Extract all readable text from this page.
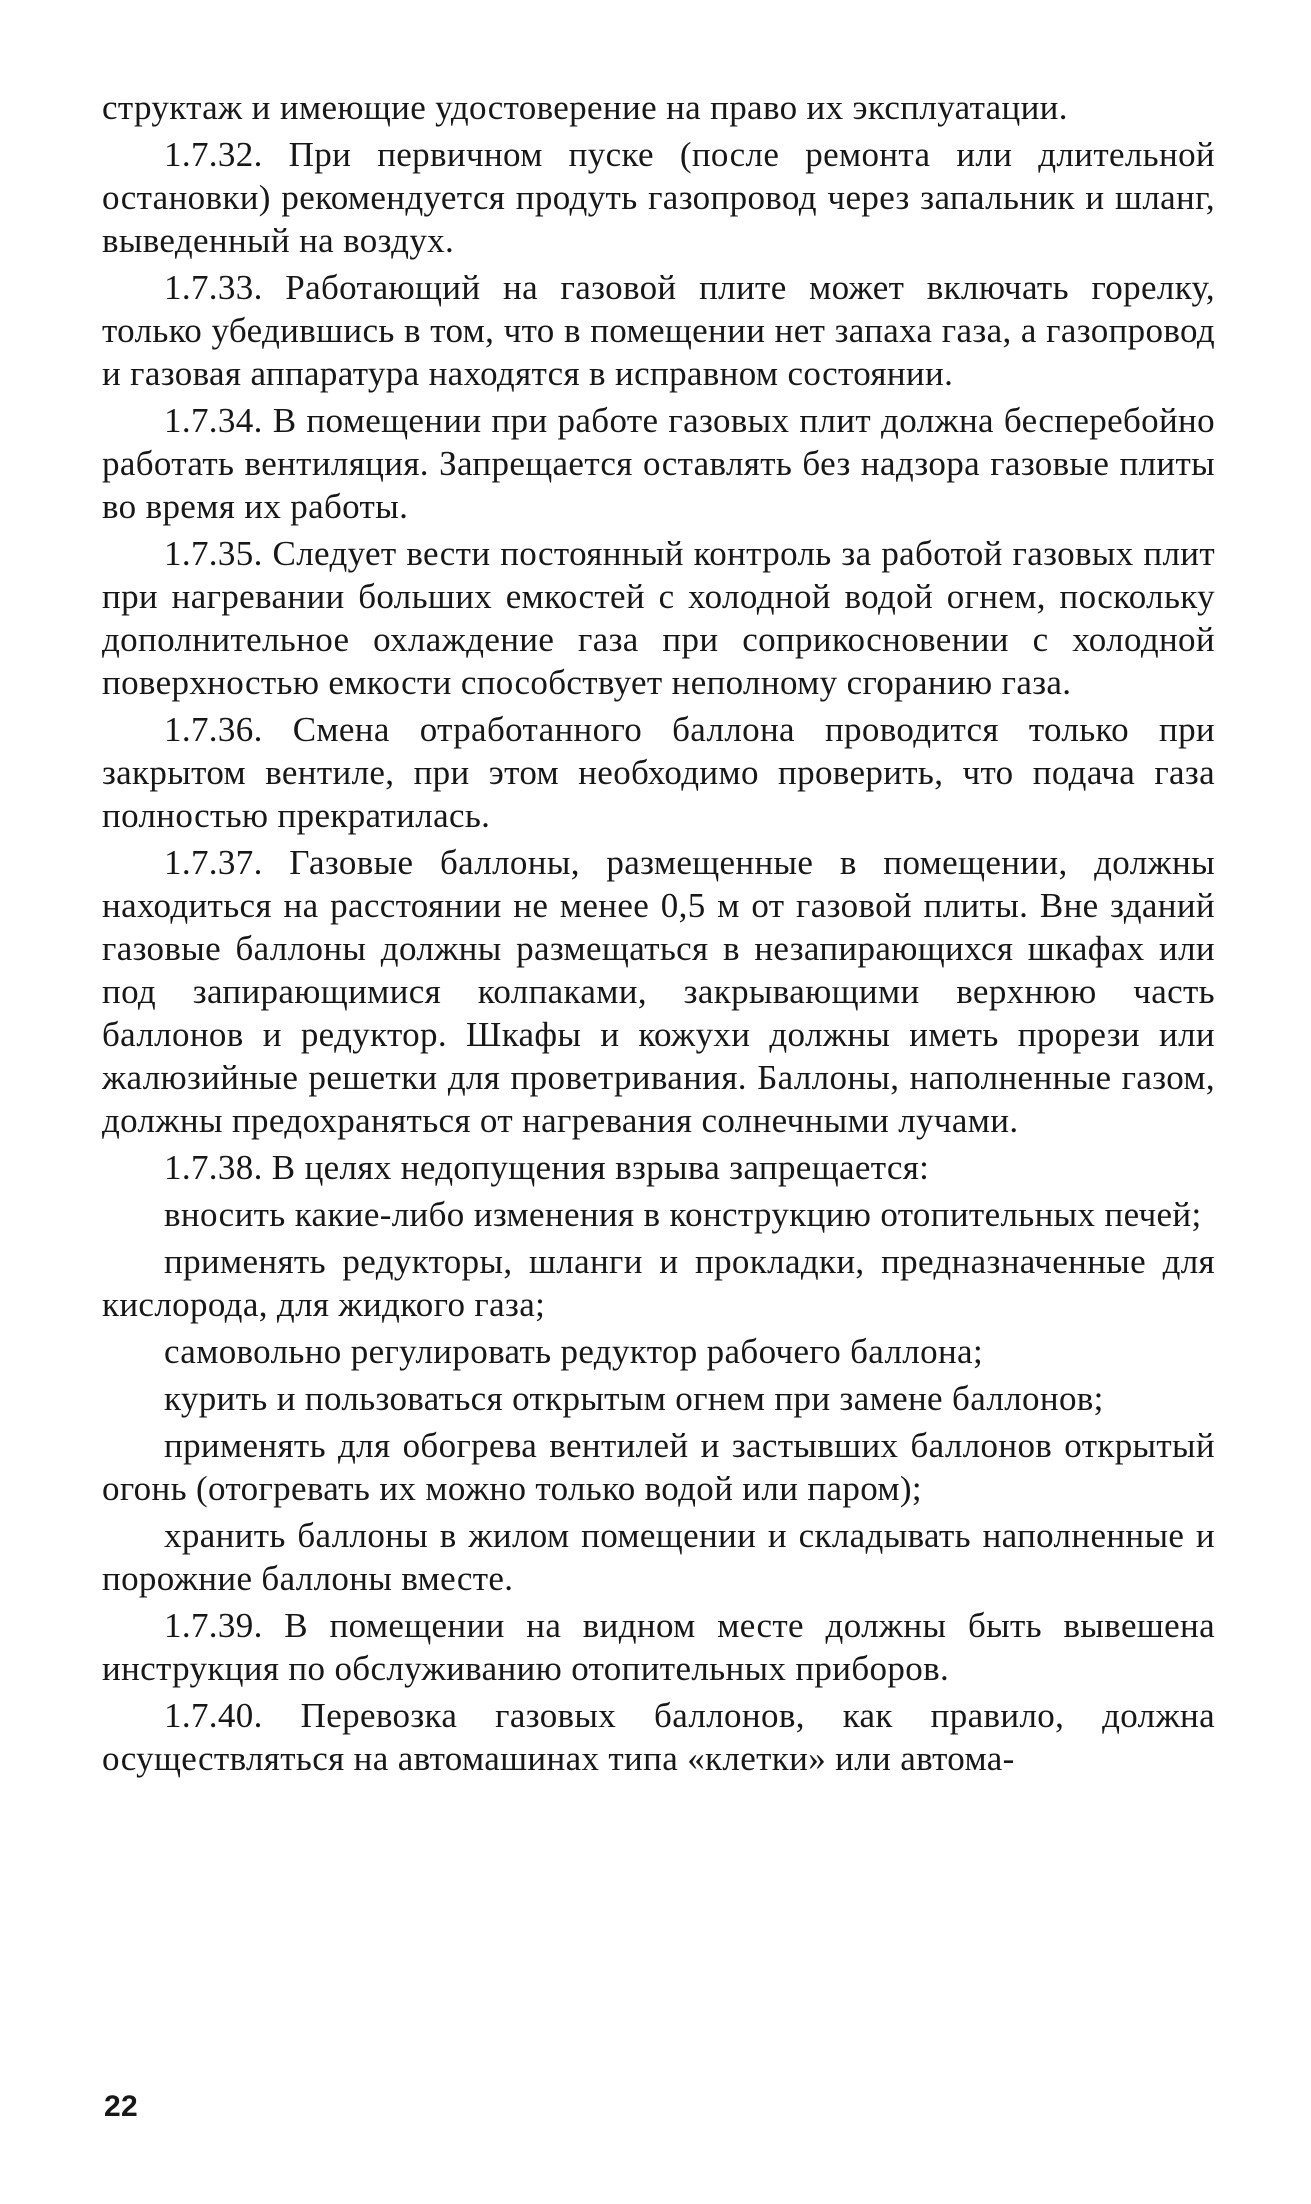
структаж и имеющие удостоверение на право их эксплуатации.

1.7.32. При первичном пуске (после ремонта или длительной остановки) рекомендуется продуть газопровод через запальник и шланг, выведенный на воздух.

1.7.33. Работающий на газовой плите может включать горелку, только убедившись в том, что в помещении нет запаха газа, а газопровод и газовая аппаратура находятся в исправном состоянии.

1.7.34. В помещении при работе газовых плит должна бесперебойно работать вентиляция. Запрещается оставлять без надзора газовые плиты во время их работы.

1.7.35. Следует вести постоянный контроль за работой газовых плит при нагревании больших емкостей с холодной водой огнем, поскольку дополнительное охлаждение газа при соприкосновении с холодной поверхностью емкости способствует неполному сгоранию газа.

1.7.36. Смена отработанного баллона проводится только при закрытом вентиле, при этом необходимо проверить, что подача газа полностью прекратилась.

1.7.37. Газовые баллоны, размещенные в помещении, должны находиться на расстоянии не менее 0,5 м от газовой плиты. Вне зданий газовые баллоны должны размещаться в незапирающихся шкафах или под запирающимися колпаками, закрывающими верхнюю часть баллонов и редуктор. Шкафы и кожухи должны иметь прорези или жалюзийные решетки для проветривания. Баллоны, наполненные газом, должны предохраняться от нагревания солнечными лучами.

1.7.38. В целях недопущения взрыва запрещается:

вносить какие-либо изменения в конструкцию отопительных печей;

применять редукторы, шланги и прокладки, предназначенные для кислорода, для жидкого газа;

самовольно регулировать редуктор рабочего баллона;

курить и пользоваться открытым огнем при замене баллонов;

применять для обогрева вентилей и застывших баллонов открытый огонь (отогревать их можно только водой или паром);

хранить баллоны в жилом помещении и складывать наполненные и порожние баллоны вместе.

1.7.39. В помещении на видном месте должны быть вывешена инструкция по обслуживанию отопительных приборов.

1.7.40. Перевозка газовых баллонов, как правило, должна осуществляться на автомашинах типа «клетки» или автома-

22
